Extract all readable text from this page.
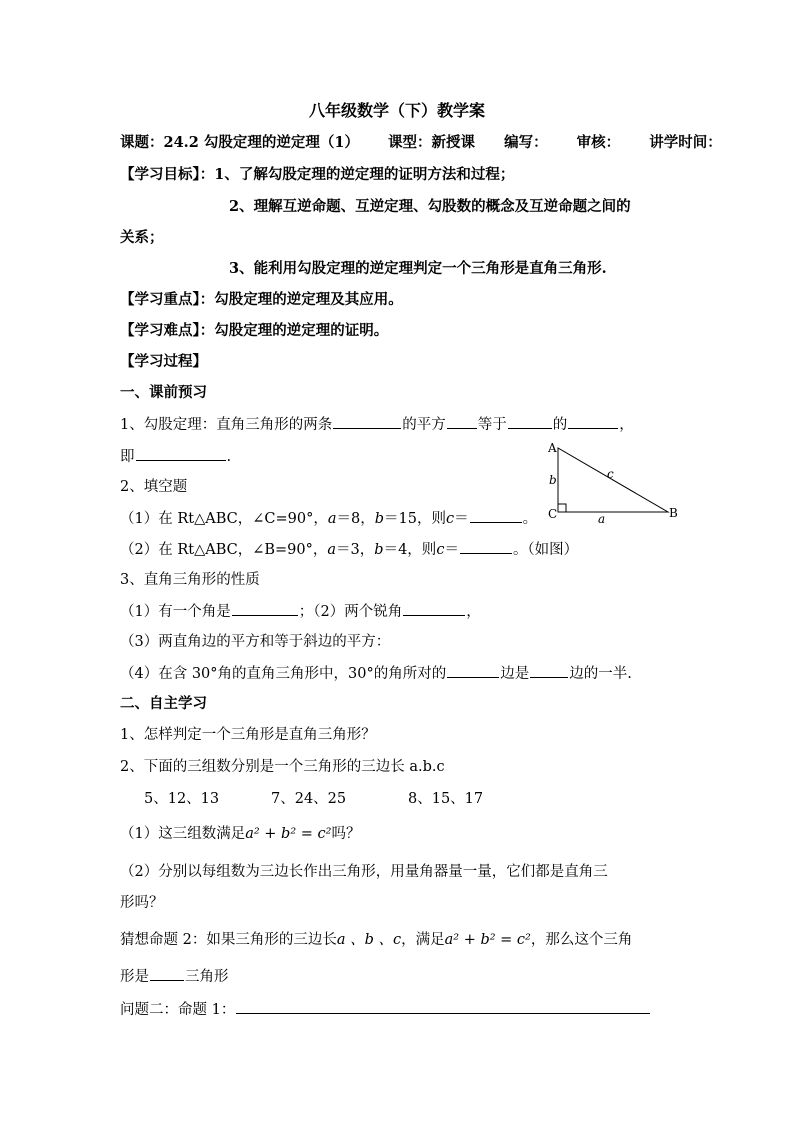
八年级数学（下）教学案
课题：24.2 勾股定理的逆定理（1） 课型：新授课 编写： 审核： 讲学时间：
【学习目标】：1、了解勾股定理的逆定理的证明方法和过程；
2、理解互逆命题、互逆定理、勾股数的概念及互逆命题之间的
关系；
3、能利用勾股定理的逆定理判定一个三角形是直角三角形.
【学习重点】：勾股定理的逆定理及其应用。
【学习难点】：勾股定理的逆定理的证明。
【学习过程】
一、课前预习
1、勾股定理：直角三角形的两条	的平方 等于	的	，
即	.
2、填空题
（1）在 Rt△ABC，∠C=90°，a＝8，b＝15，则c＝	。
（2）在 Rt△ABC，∠B=90°，a＝3，b＝4，则c＝	。（如图）
A
B
C	a
b	c
3、直角三角形的性质
（1）有一个角是	；（2）两个锐角	，
（3）两直角边的平方和等于斜边的平方：
（4）在含 30°角的直角三角形中，30°的角所对的	边是	边的一半.
二、自主学习
1、怎样判定一个三角形是直角三角形？
2、下面的三组数分别是一个三角形的三边长 a.b.c
5、12、13	7、24、25	8、15、17
（1）这三组数满足a² + b² = c²吗？
（2）分别以每组数为三边长作出三角形，用量角器量一量，它们都是直角三
形吗？
猜想命题 2：如果三角形的三边长a 、b 、c，满足a² + b² = c²，那么这个三角
形是 三角形
问题二：命题 1：
